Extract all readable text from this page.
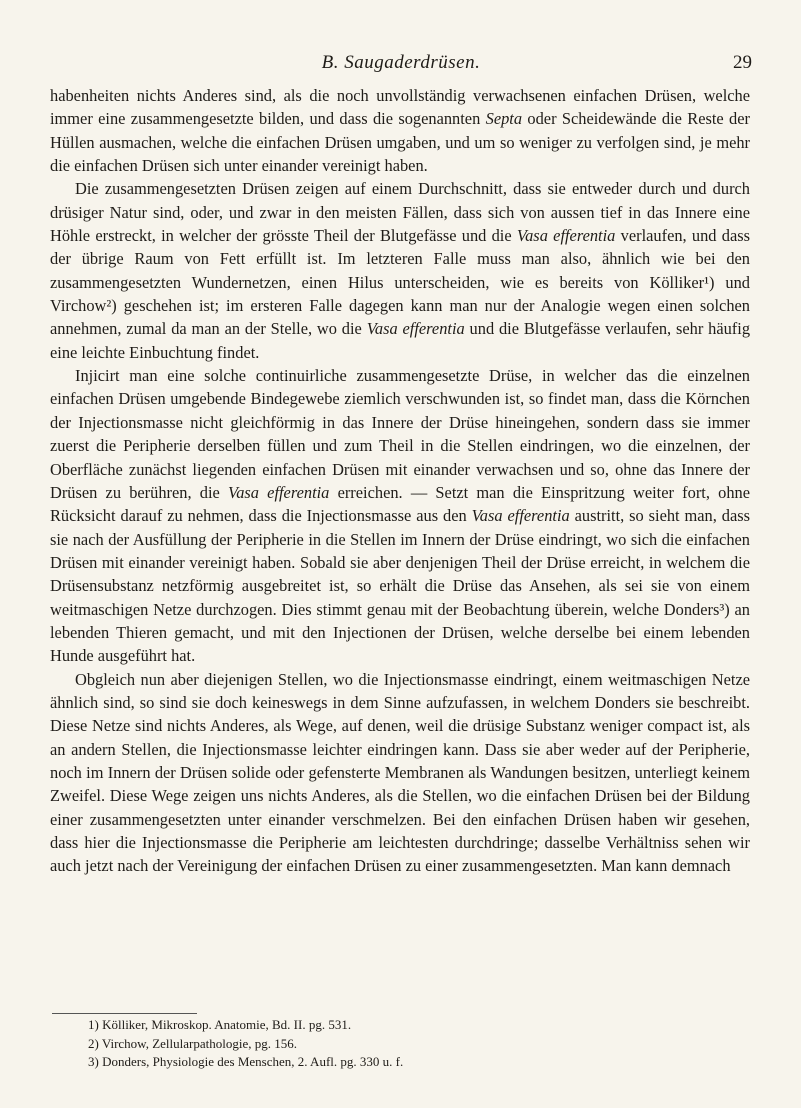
B. Saugaderdrüsen.	29

habenheiten nichts Anderes sind, als die noch unvollständig verwachsenen einfachen Drüsen, welche immer eine zusammengesetzte bilden, und dass die sogenannten Septa oder Scheidewände die Reste der Hüllen ausmachen, welche die einfachen Drüsen umgaben, und um so weniger zu verfolgen sind, je mehr die einfachen Drüsen sich unter einander vereinigt haben.

Die zusammengesetzten Drüsen zeigen auf einem Durchschnitt, dass sie entweder durch und durch drüsiger Natur sind, oder, und zwar in den meisten Fällen, dass sich von aussen tief in das Innere eine Höhle erstreckt, in welcher der grösste Theil der Blutgefässe und die Vasa efferentia verlaufen, und dass der übrige Raum von Fett erfüllt ist. Im letzteren Falle muss man also, ähnlich wie bei den zusammengesetzten Wundernetzen, einen Hilus unterscheiden, wie es bereits von Kölliker¹) und Virchow²) geschehen ist; im ersteren Falle dagegen kann man nur der Analogie wegen einen solchen annehmen, zumal da man an der Stelle, wo die Vasa efferentia und die Blutgefässe verlaufen, sehr häufig eine leichte Einbuchtung findet.

Injicirt man eine solche continuirliche zusammengesetzte Drüse, in welcher das die einzelnen einfachen Drüsen umgebende Bindegewebe ziemlich verschwunden ist, so findet man, dass die Körnchen der Injectionsmasse nicht gleichförmig in das Innere der Drüse hineingehen, sondern dass sie immer zuerst die Peripherie derselben füllen und zum Theil in die Stellen eindringen, wo die einzelnen, der Oberfläche zunächst liegenden einfachen Drüsen mit einander verwachsen und so, ohne das Innere der Drüsen zu berühren, die Vasa efferentia erreichen. — Setzt man die Einspritzung weiter fort, ohne Rücksicht darauf zu nehmen, dass die Injectionsmasse aus den Vasa efferentia austritt, so sieht man, dass sie nach der Ausfüllung der Peripherie in die Stellen im Innern der Drüse eindringt, wo sich die einfachen Drüsen mit einander vereinigt haben. Sobald sie aber denjenigen Theil der Drüse erreicht, in welchem die Drüsensubstanz netzförmig ausgebreitet ist, so erhält die Drüse das Ansehen, als sei sie von einem weitmaschigen Netze durchzogen. Dies stimmt genau mit der Beobachtung überein, welche Donders³) an lebenden Thieren gemacht, und mit den Injectionen der Drüsen, welche derselbe bei einem lebenden Hunde ausgeführt hat.

Obgleich nun aber diejenigen Stellen, wo die Injectionsmasse eindringt, einem weitmaschigen Netze ähnlich sind, so sind sie doch keineswegs in dem Sinne aufzufassen, in welchem Donders sie beschreibt. Diese Netze sind nichts Anderes, als Wege, auf denen, weil die drüsige Substanz weniger compact ist, als an andern Stellen, die Injectionsmasse leichter eindringen kann. Dass sie aber weder auf der Peripherie, noch im Innern der Drüsen solide oder gefensterte Membranen als Wandungen besitzen, unterliegt keinem Zweifel. Diese Wege zeigen uns nichts Anderes, als die Stellen, wo die einfachen Drüsen bei der Bildung einer zusammengesetzten unter einander verschmelzen. Bei den einfachen Drüsen haben wir gesehen, dass hier die Injectionsmasse die Peripherie am leichtesten durchdringe; dasselbe Verhältniss sehen wir auch jetzt nach der Vereinigung der einfachen Drüsen zu einer zusammengesetzten. Man kann demnach

1) Kölliker, Mikroskop. Anatomie, Bd. II. pg. 531.
2) Virchow, Zellularpathologie, pg. 156.
3) Donders, Physiologie des Menschen, 2. Aufl. pg. 330 u. f.
